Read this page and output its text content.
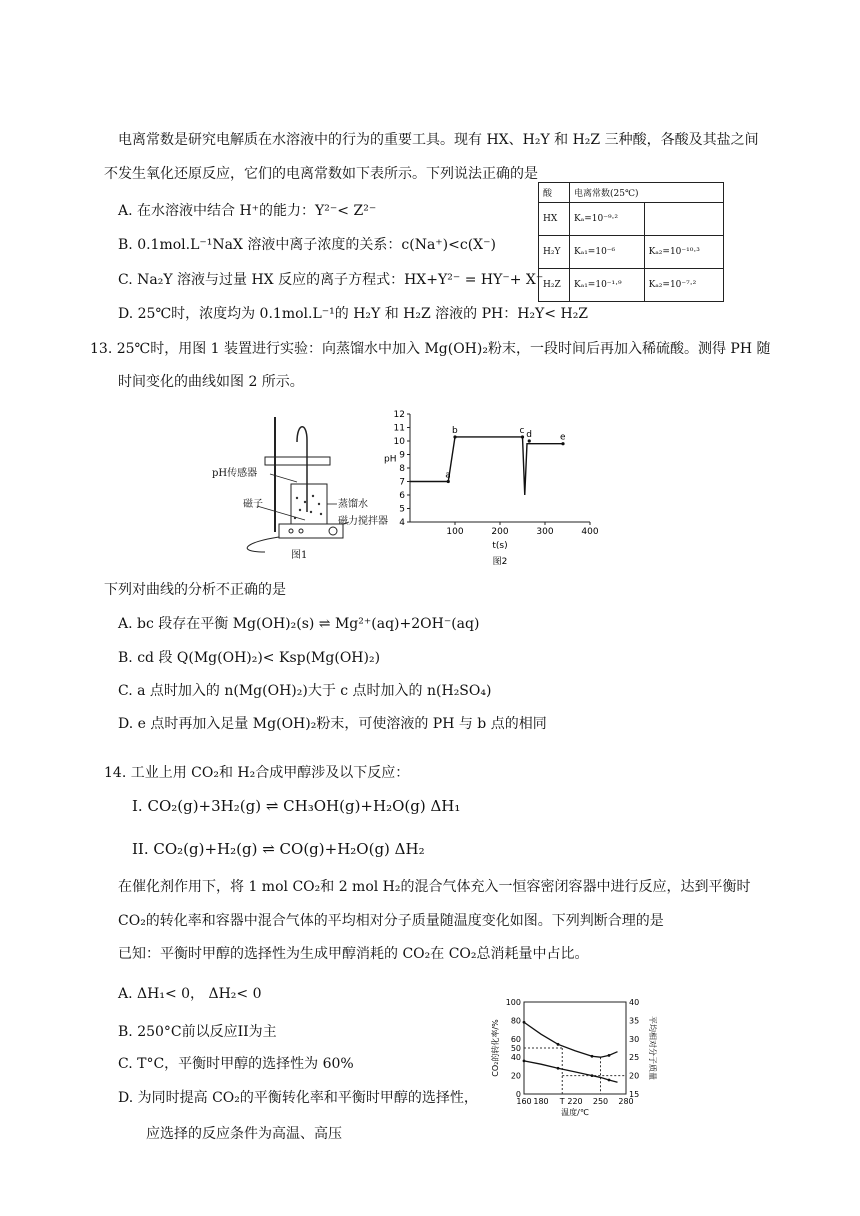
电离常数是研究电解质在水溶液中的行为的重要工具。现有 HX、H₂Y 和 H₂Z 三种酸，各酸及其盐之间
不发生氧化还原反应，它们的电离常数如下表所示。下列说法正确的是
A. 在水溶液中结合 H⁺的能力：Y²⁻< Z²⁻
B. 0.1mol.L⁻¹NaX 溶液中离子浓度的关系：c(Na⁺)<c(X⁻)
C. Na₂Y 溶液与过量 HX 反应的离子方程式：HX+Y²⁻ = HY⁻+ X⁻
D. 25℃时，浓度均为 0.1mol.L⁻¹的 H₂Y 和 H₂Z 溶液的 PH：H₂Y< H₂Z
酸	电离常数(25℃)	
HX	Kₐ=10⁻⁹·²	
H₂Y	Kₐ₁=10⁻⁶	Kₐ₂=10⁻¹⁰·³
H₂Z	Kₐ₁=10⁻¹·⁹	Kₐ₂=10⁻⁷·²
13. 25℃时，用图 1 装置进行实验：向蒸馏水中加入 Mg(OH)₂粉末，一段时间后再加入稀硫酸。测得 PH 随
时间变化的曲线如图 2 所示。
pH传感器
磁子	蒸馏水
磁力搅拌器
图1
4
5
6
7
8
9
10
11
12
100	200	300	400
pH
t(s)
图2
a
b	c d	e
下列对曲线的分析不正确的是
A. bc 段存在平衡 Mg(OH)₂(s) ⇌ Mg²⁺(aq)+2OH⁻(aq)
B. cd 段 Q(Mg(OH)₂)< Ksp(Mg(OH)₂)
C. a 点时加入的 n(Mg(OH)₂)大于 c 点时加入的 n(H₂SO₄)
D. e 点时再加入足量 Mg(OH)₂粉末，可使溶液的 PH 与 b 点的相同
14. 工业上用 CO₂和 H₂合成甲醇涉及以下反应：
I. CO₂(g)+3H₂(g) ⇌ CH₃OH(g)+H₂O(g) ΔH₁
II. CO₂(g)+H₂(g) ⇌ CO(g)+H₂O(g) ΔH₂
在催化剂作用下，将 1 mol CO₂和 2 mol H₂的混合气体充入一恒容密闭容器中进行反应，达到平衡时
CO₂的转化率和容器中混合气体的平均相对分子质量随温度变化如图。下列判断合理的是
已知：平衡时甲醇的选择性为生成甲醇消耗的 CO₂在 CO₂总消耗量中占比。
A. ΔH₁< 0， ΔH₂< 0
B. 250°C前以反应II为主
C. T°C，平衡时甲醇的选择性为 60%
D. 为同时提高 CO₂的平衡转化率和平衡时甲醇的选择性，
应选择的反应条件为高温、高压
0
20
40
50
60
80
100
15
20
25
30
35
40
160 180 T 220 250 280
温度/℃
CO₂的转化率/%	平均相对分子质量
